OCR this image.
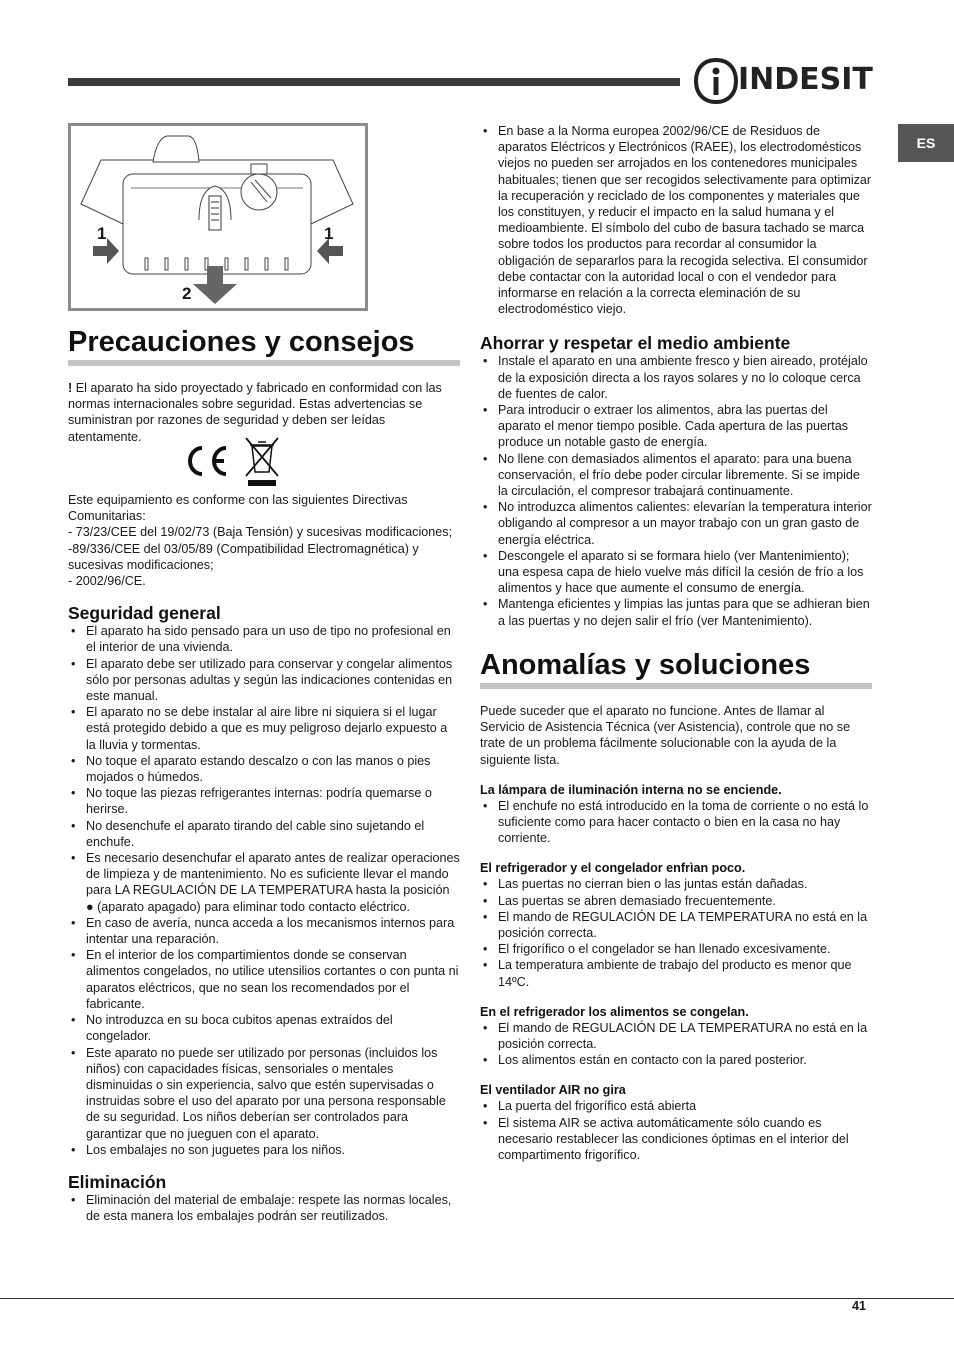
INDESIT
ES
1	1
2
Precauciones y consejos

! El aparato ha sido proyectado y fabricado en conformidad con las normas internacionales sobre seguridad. Estas advertencias se suministran por razones de seguridad y deben ser leídas atentamente.

Este equipamiento es conforme con las siguientes Directivas Comunitarias:

- 73/23/CEE del 19/02/73 (Baja Tensión) y sucesivas modificaciones;

-89/336/CEE del 03/05/89 (Compatibilidad Electromagnética) y sucesivas modificaciones;

- 2002/96/CE.

Seguridad general
• El aparato ha sido pensado para un uso de tipo no profesional en el interior de una vivienda.
• El aparato debe ser utilizado para conservar y congelar alimentos sólo por personas adultas y según las indicaciones contenidas en este manual.
• El aparato no se debe instalar al aire libre ni siquiera si el lugar está protegido debido a que es muy peligroso dejarlo expuesto a la lluvia y tormentas.
• No toque el aparato estando descalzo o con las manos o pies mojados o húmedos.
• No toque las piezas refrigerantes internas: podría quemarse o herirse.
• No desenchufe el aparato tirando del cable sino sujetando el enchufe.
• Es necesario desenchufar el aparato antes de realizar operaciones de limpieza y de mantenimiento. No es suficiente llevar el mando para LA REGULACIÓN DE LA TEMPERATURA hasta la posición ● (aparato apagado) para eliminar todo contacto eléctrico.
• En caso de avería, nunca acceda a los mecanismos internos para intentar una reparación.
• En el interior de los compartimientos donde se conservan alimentos congelados, no utilice utensilios cortantes o con punta ni aparatos eléctricos, que no sean los recomendados por el fabricante.
• No introduzca en su boca cubitos apenas extraídos del congelador.
• Este aparato no puede ser utilizado por personas (incluidos los niños) con capacidades físicas, sensoriales o mentales disminuidas o sin experiencia, salvo que estén supervisadas o instruidas sobre el uso del aparato por una persona responsable de su seguridad. Los niños deberían ser controlados para garantizar que no jueguen con el aparato.
• Los embalajes no son juguetes para los niños.
Eliminación
• Eliminación del material de embalaje: respete las normas locales, de esta manera los embalajes podrán ser reutilizados.
• En base a la Norma europea 2002/96/CE de Residuos de aparatos Eléctricos y Electrónicos (RAEE), los electrodomésticos viejos no pueden ser arrojados en los contenedores municipales habituales; tienen que ser recogidos selectivamente para optimizar la recuperación y reciclado de los componentes y materiales que los constituyen, y reducir el impacto en la salud humana y el medioambiente. El símbolo del cubo de basura tachado se marca sobre todos los productos para recordar al consumidor la obligación de separarlos para la recogida selectiva. El consumidor debe contactar con la autoridad local o con el vendedor para informarse en relación a la correcta eleminación de su electrodoméstico viejo.
Ahorrar y respetar el medio ambiente
• Instale el aparato en una ambiente fresco y bien aireado, protéjalo de la exposición directa a los rayos solares y no lo coloque cerca de fuentes de calor.
• Para introducir o extraer los alimentos, abra las puertas del aparato el menor tiempo posible. Cada apertura de las puertas produce un notable gasto de energía.
• No llene con demasiados alimentos el aparato: para una buena conservación, el frío debe poder circular libremente. Si se impide la circulación, el compresor trabajará continuamente.
• No introduzca alimentos calientes: elevarían la temperatura interior obligando al compresor a un mayor trabajo con un gran gasto de energía eléctrica.
• Descongele el aparato si se formara hielo (ver Mantenimiento); una espesa capa de hielo vuelve más difícil la cesión de frío a los alimentos y hace que aumente el consumo de energía.
• Mantenga eficientes y limpias las juntas para que se adhieran bien a las puertas y no dejen salir el frío (ver Mantenimiento).
Anomalías y soluciones

Puede suceder que el aparato no funcione. Antes de llamar al Servicio de Asistencia Técnica (ver Asistencia), controle que no se trate de un problema fácilmente solucionable con la ayuda de la siguiente lista.

La lámpara de iluminación interna no se enciende.
• El enchufe no está introducido en la toma de corriente o no está lo suficiente como para hacer contacto o bien en la casa no hay corriente.
El refrigerador y el congelador enfrìan poco.
• Las puertas no cierran bien o las juntas están dañadas.
• Las puertas se abren demasiado frecuentemente.
• El mando de REGULACIÓN DE LA TEMPERATURA no está en la posición correcta.
• El frigorífico o el congelador se han llenado excesivamente.
• La temperatura ambiente de trabajo del producto es menor que 14ºC.
En el refrigerador los alimentos se congelan.
• El mando de REGULACIÓN DE LA TEMPERATURA no está en la posición correcta.
• Los alimentos están en contacto con la pared posterior.
El ventilador AIR no gira
• La puerta del frigorífico está abierta
• El sistema AIR se activa automáticamente sólo cuando es necesario restablecer las condiciones óptimas en el interior del compartimento frigorífico.
41
